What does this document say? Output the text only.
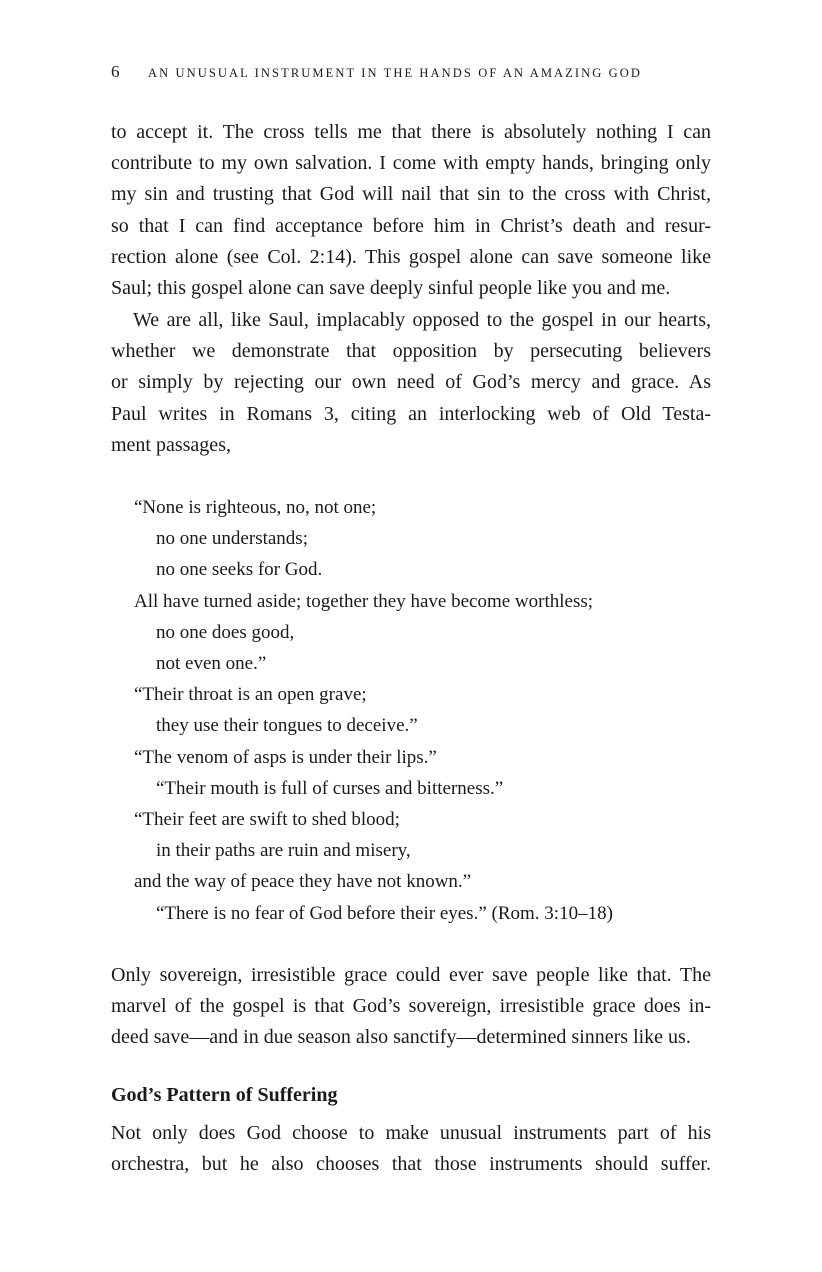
6 AN UNUSUAL INSTRUMENT IN THE HANDS OF AN AMAZING GOD
to accept it. The cross tells me that there is absolutely nothing I can
contribute to my own salvation. I come with empty hands, bringing only
my sin and trusting that God will nail that sin to the cross with Christ,
so that I can find acceptance before him in Christ’s death and resur-
rection alone (see Col. 2:14). This gospel alone can save someone like
Saul; this gospel alone can save deeply sinful people like you and me.
We are all, like Saul, implacably opposed to the gospel in our hearts,
whether we demonstrate that opposition by persecuting believers
or simply by rejecting our own need of God’s mercy and grace. As
Paul writes in Romans 3, citing an interlocking web of Old Testa-
ment passages,
“None is righteous, no, not one;
no one understands;
no one seeks for God.
All have turned aside; together they have become worthless;
no one does good,
not even one.”
“Their throat is an open grave;
they use their tongues to deceive.”
“The venom of asps is under their lips.”
“Their mouth is full of curses and bitterness.”
“Their feet are swift to shed blood;
in their paths are ruin and misery,
and the way of peace they have not known.”
“There is no fear of God before their eyes.” (Rom. 3:10–18)
Only sovereign, irresistible grace could ever save people like that. The
marvel of the gospel is that God’s sovereign, irresistible grace does in-
deed save—and in due season also sanctify—determined sinners like us.
God’s Pattern of Suffering
Not only does God choose to make unusual instruments part of his
orchestra, but he also chooses that those instruments should suffer.
